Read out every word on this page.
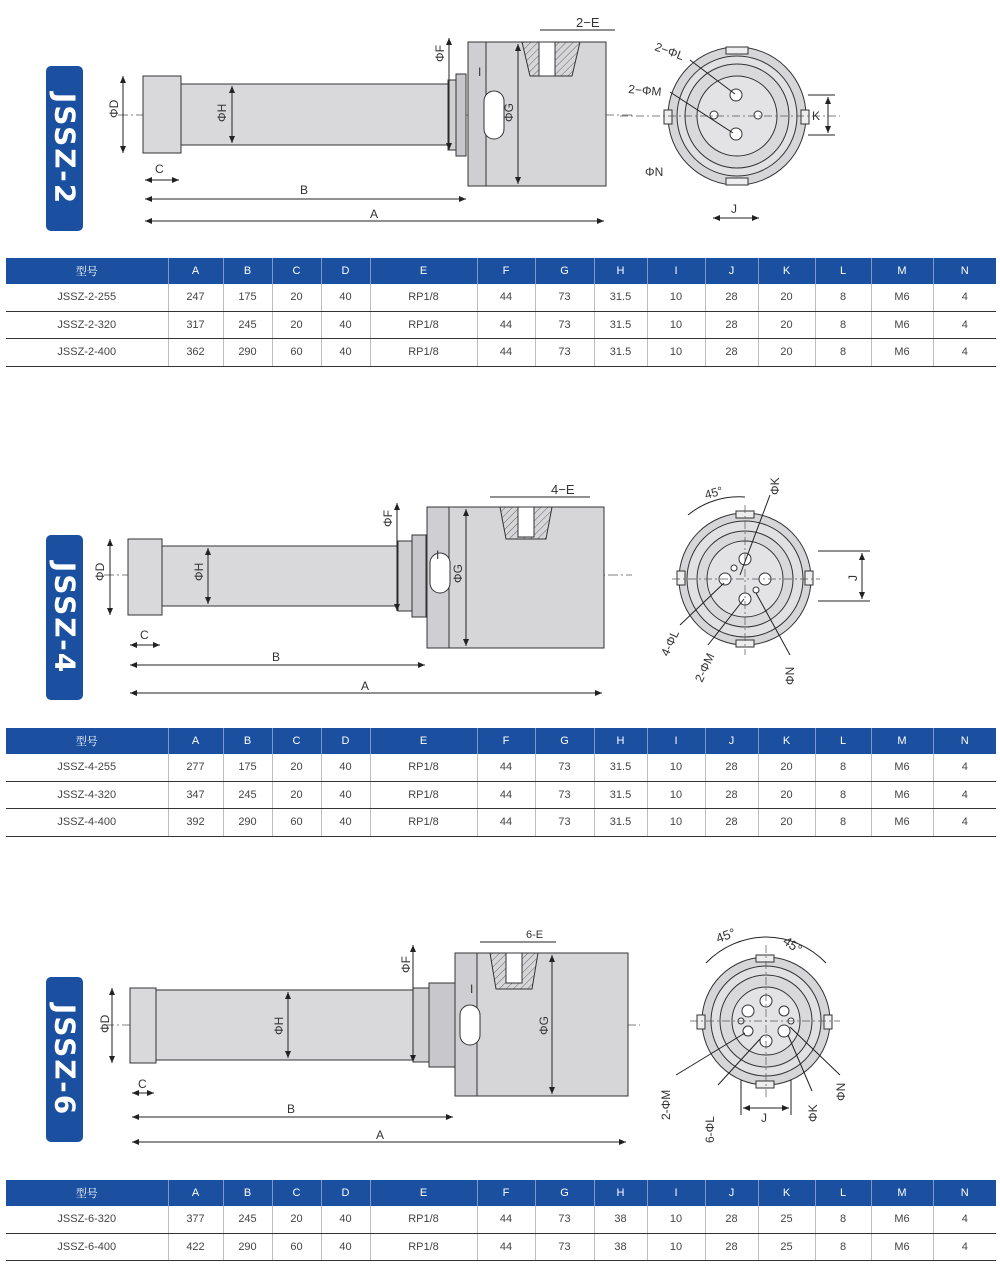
JSSZ-2 ΦD	ΦH
ΦF
ΦG
I
C
B
A
2−E
2−ΦL
2−ΦM
ΦN
K
J
型号	A	B	C	D	E	F	G	H	I	J	K	L	M	N
JSSZ-2-255	247	175	20	40	RP1/8	44	73	31.5	10	28	20	8	M6	4
JSSZ-2-320	317	245	20	40	RP1/8	44	73	31.5	10	28	20	8	M6	4
JSSZ-2-400	362	290	60	40	RP1/8	44	73	31.5	10	28	20	8	M6	4
JSSZ-4 ΦD	ΦH
ΦF
ΦG
I
C
B
A
4−E	45°	ΦK
J
4-ΦL
2-ΦM	ΦN
型号	A	B	C	D	E	F	G	H	I	J	K	L	M	N
JSSZ-4-255	277	175	20	40	RP1/8	44	73	31.5	10	28	20	8	M6	4
JSSZ-4-320	347	245	20	40	RP1/8	44	73	31.5	10	28	20	8	M6	4
JSSZ-4-400	392	290	60	40	RP1/8	44	73	31.5	10	28	20	8	M6	4
JSSZ-6 ΦD	ΦH
ΦF
ΦG
I
C
B
A
6-E	45°	45°
2-ΦM
6-ΦL	J	ΦK
ΦN
型号	A	B	C	D	E	F	G	H	I	J	K	L	M	N
JSSZ-6-320	377	245	20	40	RP1/8	44	73	38	10	28	25	8	M6	4
JSSZ-6-400	422	290	60	40	RP1/8	44	73	38	10	28	25	8	M6	4
